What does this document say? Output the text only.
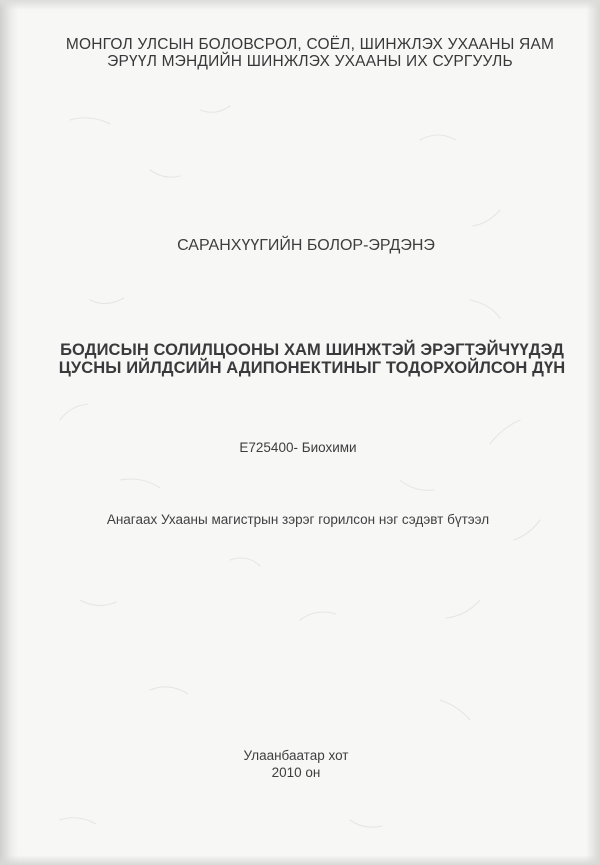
МОНГОЛ УЛСЫН БОЛОВСРОЛ, СОЁЛ, ШИНЖЛЭХ УХААНЫ ЯАМ
ЭРҮҮЛ МЭНДИЙН ШИНЖЛЭХ УХААНЫ ИХ СУРГУУЛЬ
САРАНХҮҮГИЙН БОЛОР-ЭРДЭНЭ
БОДИСЫН СОЛИЛЦООНЫ ХАМ ШИНЖТЭЙ ЭРЭГТЭЙЧҮҮДЭД
ЦУСНЫ ИЙЛДСИЙН АДИПОНЕКТИНЫГ ТОДОРХОЙЛСОН ДҮН
Е725400- Биохими
Анагаах Ухааны магистрын зэрэг горилсон нэг сэдэвт бүтээл
Улаанбаатар хот
2010 он
